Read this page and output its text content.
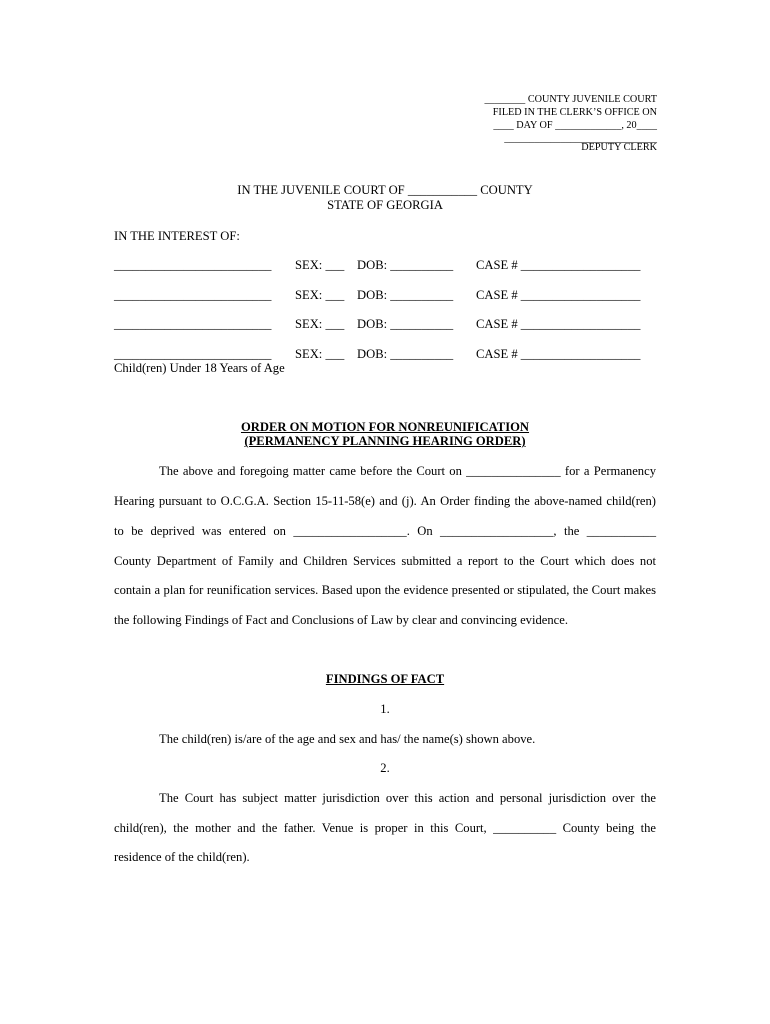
________ COUNTY JUVENILE COURT
FILED IN THE CLERK’S OFFICE ON
____ DAY OF _____________, 20____
______________________________
DEPUTY CLERK
IN THE JUVENILE COURT OF ___________ COUNTY
STATE OF GEORGIA
IN THE INTEREST OF:
_________________________ SEX: ___ DOB: __________ CASE # ___________________
_________________________ SEX: ___ DOB: __________ CASE # ___________________
_________________________ SEX: ___ DOB: __________ CASE # ___________________
_________________________ SEX: ___ DOB: __________ CASE # ___________________
Child(ren) Under 18 Years of Age
ORDER ON MOTION FOR NONREUNIFICATION
(PERMANENCY PLANNING HEARING ORDER)
The above and foregoing matter came before the Court on _______________ for a Permanency
Hearing pursuant to O.C.G.A. Section 15-11-58(e) and (j). An Order finding the above-named child(ren)
to be deprived was entered on __________________. On __________________, the ___________
County Department of Family and Children Services submitted a report to the Court which does not
contain a plan for reunification services. Based upon the evidence presented or stipulated, the Court makes
the following Findings of Fact and Conclusions of Law by clear and convincing evidence.
FINDINGS OF FACT
1.
The child(ren) is/are of the age and sex and has/ the name(s) shown above.
2.
The Court has subject matter jurisdiction over this action and personal jurisdiction over the
child(ren), the mother and the father. Venue is proper in this Court, __________ County being the
residence of the child(ren).
